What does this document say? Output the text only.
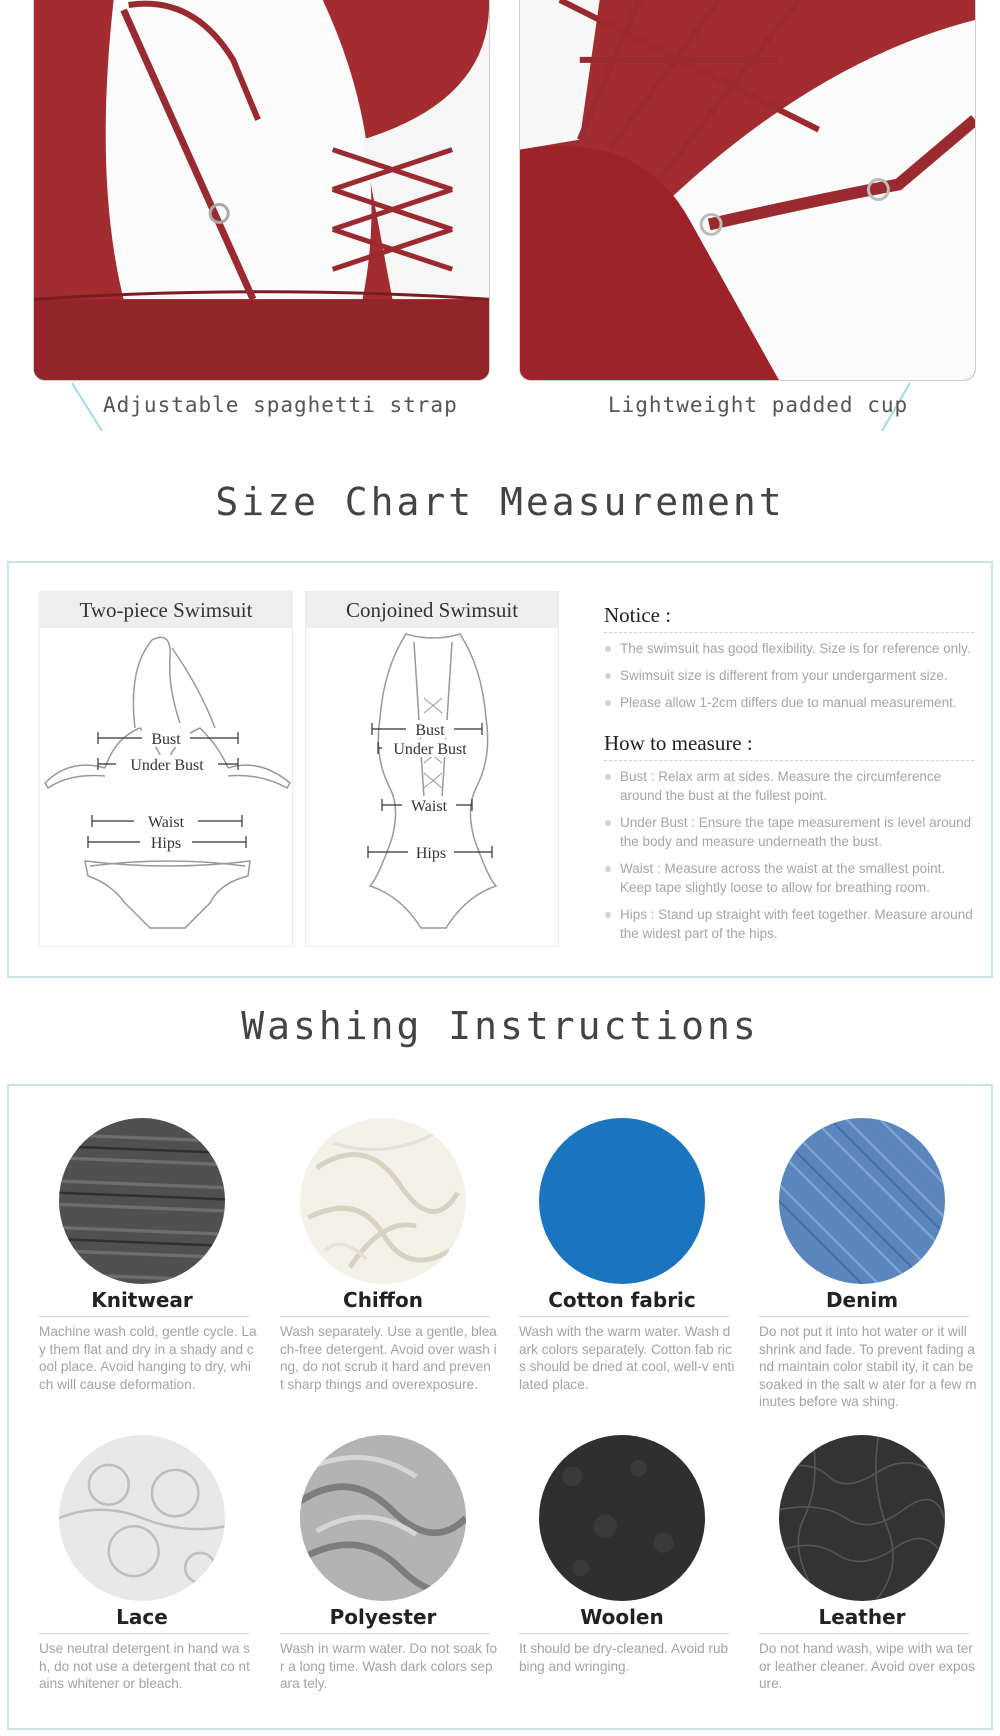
Adjustable spaghetti strap	Lightweight padded cup
Size Chart Measurement
Two-piece Swimsuit
Bust
Under Bust
Waist
Hips
Conjoined Swimsuit
Bust
Under Bust
Waist
Hips
Notice :
The swimsuit has good flexibility. Size is for reference only.
Swimsuit size is different from your undergarment size.
Please allow 1-2cm differs due to manual measurement.
How to measure :
Bust : Relax arm at sides. Measure the circumference around the bust at the fullest point.
Under Bust : Ensure the tape measurement is level around the body and measure underneath the bust.
Waist : Measure across the waist at the smallest point. Keep tape slightly loose to allow for breathing room.
Hips : Stand up straight with feet together. Measure around the widest part of the hips.
Washing Instructions
Knitwear
Machine wash cold, gentle cycle. Lay them flat and dry in a shady and cool place. Avoid hanging to dry, which will cause deformation.
Chiffon
Wash separately. Use a gentle, blea ch-free detergent. Avoid over wash ing, do not scrub it hard and preven t sharp things and overexposure.
Cotton fabric
Wash with the warm water. Wash dark colors separately. Cotton fab rics should be dried at cool, well-v entilated place.
Denim
Do not put it into hot water or it will shrink and fade. To prevent fading and maintain color stabil ity, it can be soaked in the salt w ater for a few minutes before wa shing.
Lace
Use neutral detergent in hand wa sh, do not use a detergent that co ntains whitener or bleach.
Polyester
Wash in warm water. Do not soak for a long time. Wash dark colors separa tely.
Woolen
It should be dry-cleaned. Avoid rub bing and wringing.
Leather
Do not hand wash, wipe with wa ter or leather cleaner. Avoid over exposure.
